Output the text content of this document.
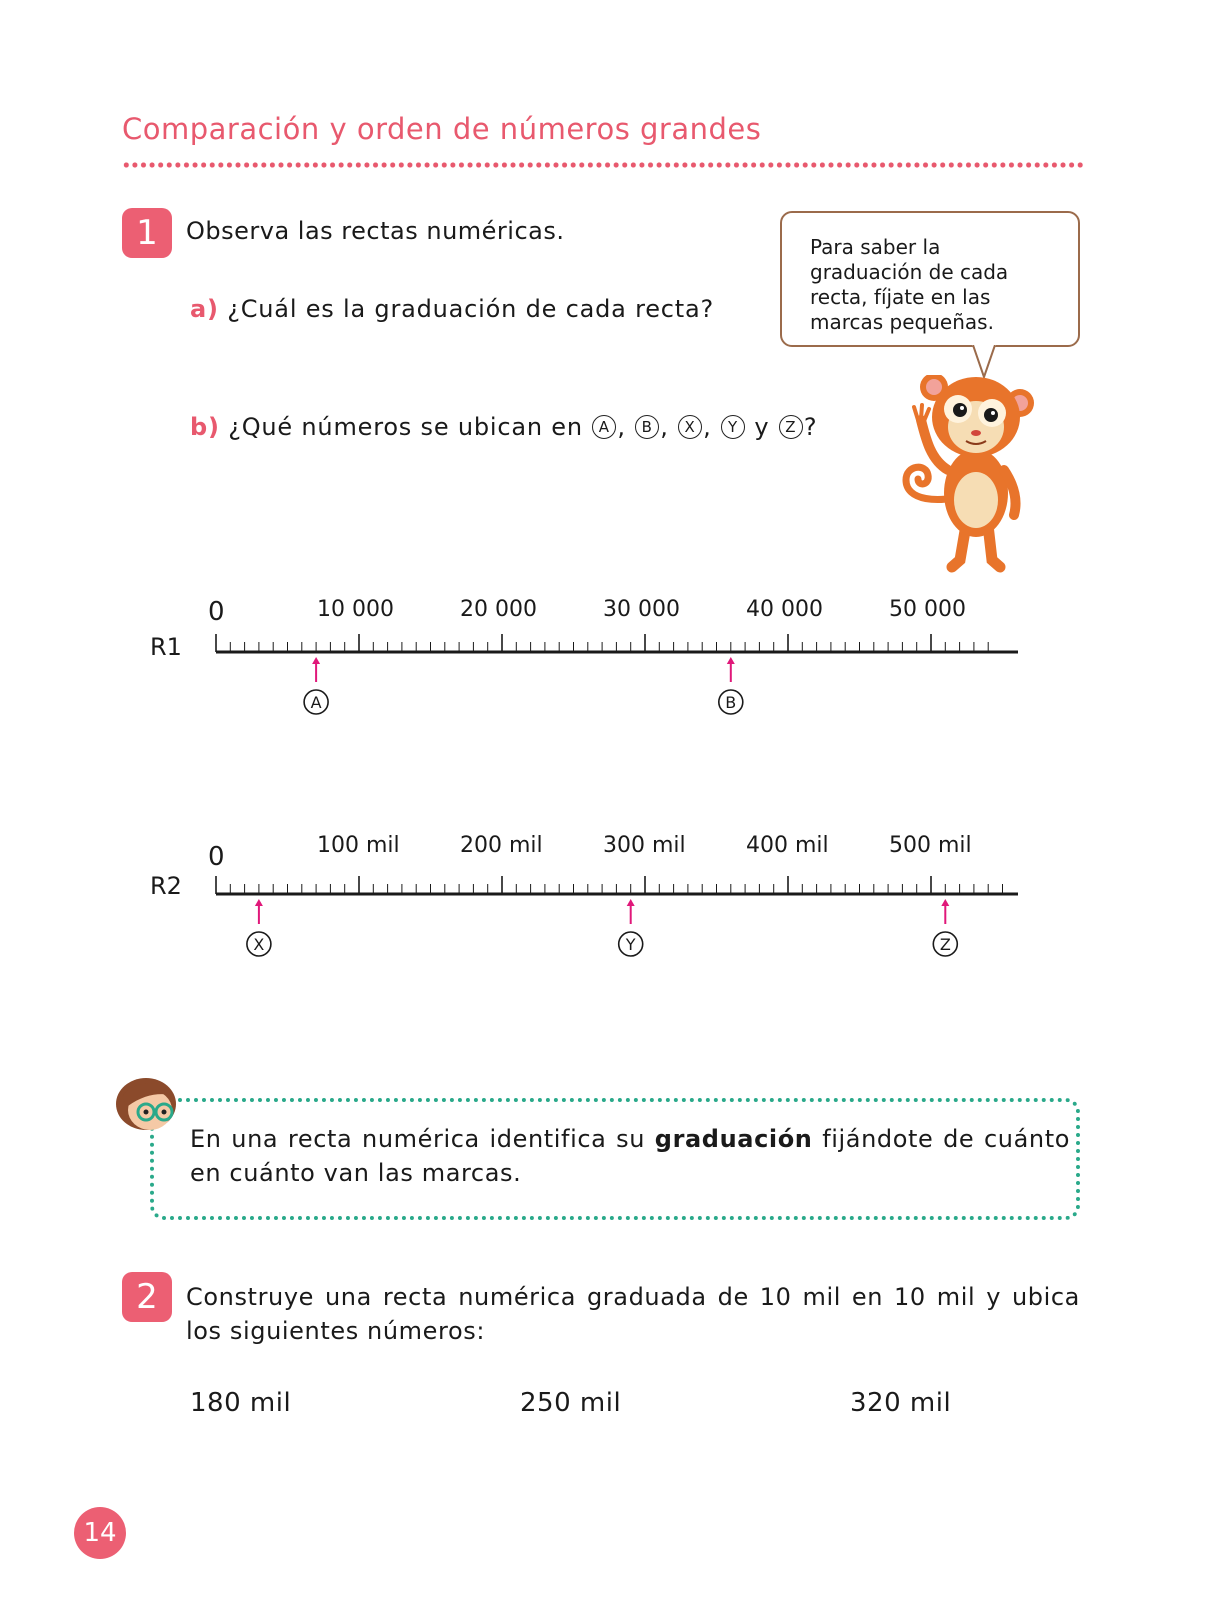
Comparación y orden de números grandes
1	Observa las rectas numéricas.
a) ¿Cuál es la graduación de cada recta?
b) ¿Qué números se ubican en A , B , X , Y y Z ?
Para saber la graduación de cada recta, fíjate en las marcas pequeñas.
R1
0	10 000	20 000	30 000	40 000	50 000
A	B
R2
0	100 mil	200 mil	300 mil	400 mil	500 mil
X	Y	Z
En una recta numérica identifica su graduación fijándote de cuánto en cuánto van las marcas.
2	Construye una recta numérica graduada de 10 mil en 10 mil y ubica los siguientes números:
180 mil	250 mil	320 mil
14
